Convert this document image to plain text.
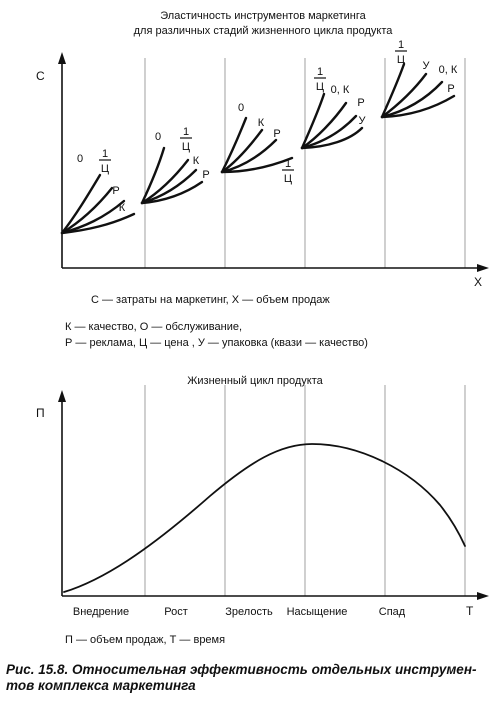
Эластичность инструментов маркетинга
для различных стадий жизненного цикла продукта
С
Х
0 1
Ц
Р
К
0 1
Ц
К
Р
0
К
Р
1
Ц
1
Ц 0, К
Р
У
1
Ц У 0, К
Р
С — затраты на маркетинг, Х — объем продаж
К — качество, О — обслуживание,
Р — реклама, Ц — цена , У — упаковка (квази — качество)
Жизненный цикл продукта
П
Т
Внедрение	Рост	Зрелость Насыщение	Спад
П — объем продаж, Т — время

Рис. 15.8. Относительная эффективность отдельных инструмен-
тов комплекса маркетинга
